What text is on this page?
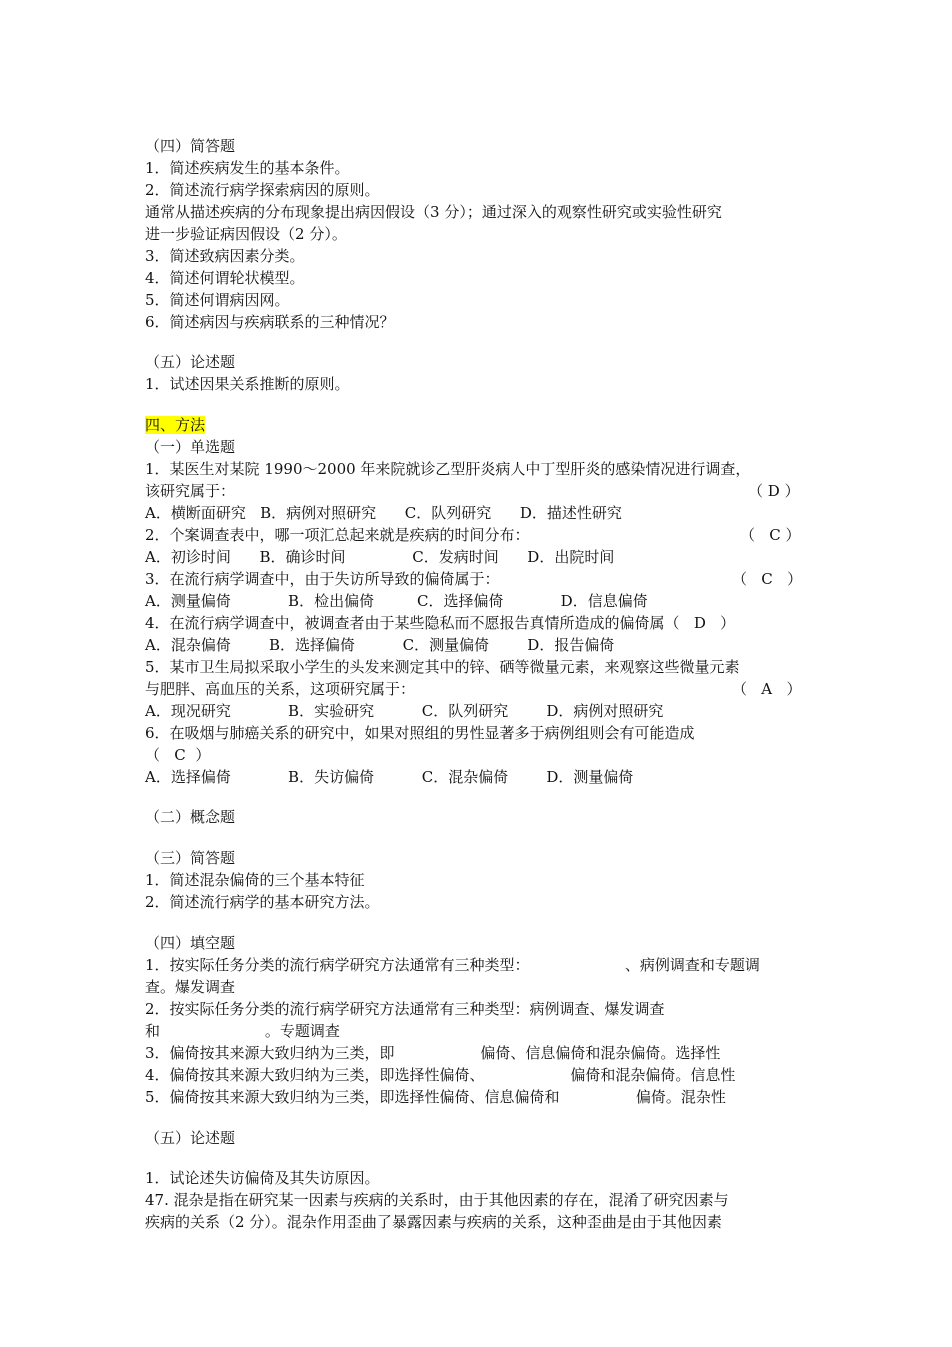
（四）简答题
1．简述疾病发生的基本条件。
2．简述流行病学探索病因的原则。
通常从描述疾病的分布现象提出病因假设（3 分）；通过深入的观察性研究或实验性研究
进一步验证病因假设（2 分）。
3．简述致病因素分类。
4．简述何谓轮状模型。
5．简述何谓病因网。
6．简述病因与疾病联系的三种情况？
（五）论述题
1．试述因果关系推断的原则。
四、方法
（一）单选题
1．某医生对某院 1990～2000 年来院就诊乙型肝炎病人中丁型肝炎的感染情况进行调查，
该研究属于：	（ D ）
A．横断面研究   B．病例对照研究      C．队列研究      D．描述性研究
2．个案调查表中，哪一项汇总起来就是疾病的时间分布：	（   C ）
A．初诊时间      B．确诊时间              C．发病时间      D．出院时间
3．在流行病学调查中，由于失访所导致的偏倚属于：	（   C   ）
A．测量偏倚            B．检出偏倚         C．选择偏倚            D．信息偏倚
4．在流行病学调查中，被调查者由于某些隐私而不愿报告真情所造成的偏倚属（   D   ）
A．混杂偏倚        B．选择偏倚          C．测量偏倚        D．报告偏倚
5．某市卫生局拟采取小学生的头发来测定其中的锌、硒等微量元素，来观察这些微量元素
与肥胖、高血压的关系，这项研究属于：	（   A   ）
A．现况研究            B．实验研究          C．队列研究        D．病例对照研究
6．在吸烟与肺癌关系的研究中，如果对照组的男性显著多于病例组则会有可能造成
（   C  ）
A．选择偏倚            B．失访偏倚          C．混杂偏倚        D．测量偏倚
（二）概念题
（三）简答题
1．简述混杂偏倚的三个基本特征
2．简述流行病学的基本研究方法。
（四）填空题
1．按实际任务分类的流行病学研究方法通常有三种类型：                    、病例调查和专题调
查。爆发调查
2．按实际任务分类的流行病学研究方法通常有三种类型：病例调查、爆发调查
和                      。专题调查
3．偏倚按其来源大致归纳为三类，即                  偏倚、信息偏倚和混杂偏倚。选择性
4．偏倚按其来源大致归纳为三类，即选择性偏倚、                  偏倚和混杂偏倚。信息性
5．偏倚按其来源大致归纳为三类，即选择性偏倚、信息偏倚和                偏倚。混杂性
（五）论述题
1．试论述失访偏倚及其失访原因。
47. 混杂是指在研究某一因素与疾病的关系时，由于其他因素的存在，混淆了研究因素与
疾病的关系（2 分）。混杂作用歪曲了暴露因素与疾病的关系，这种歪曲是由于其他因素
